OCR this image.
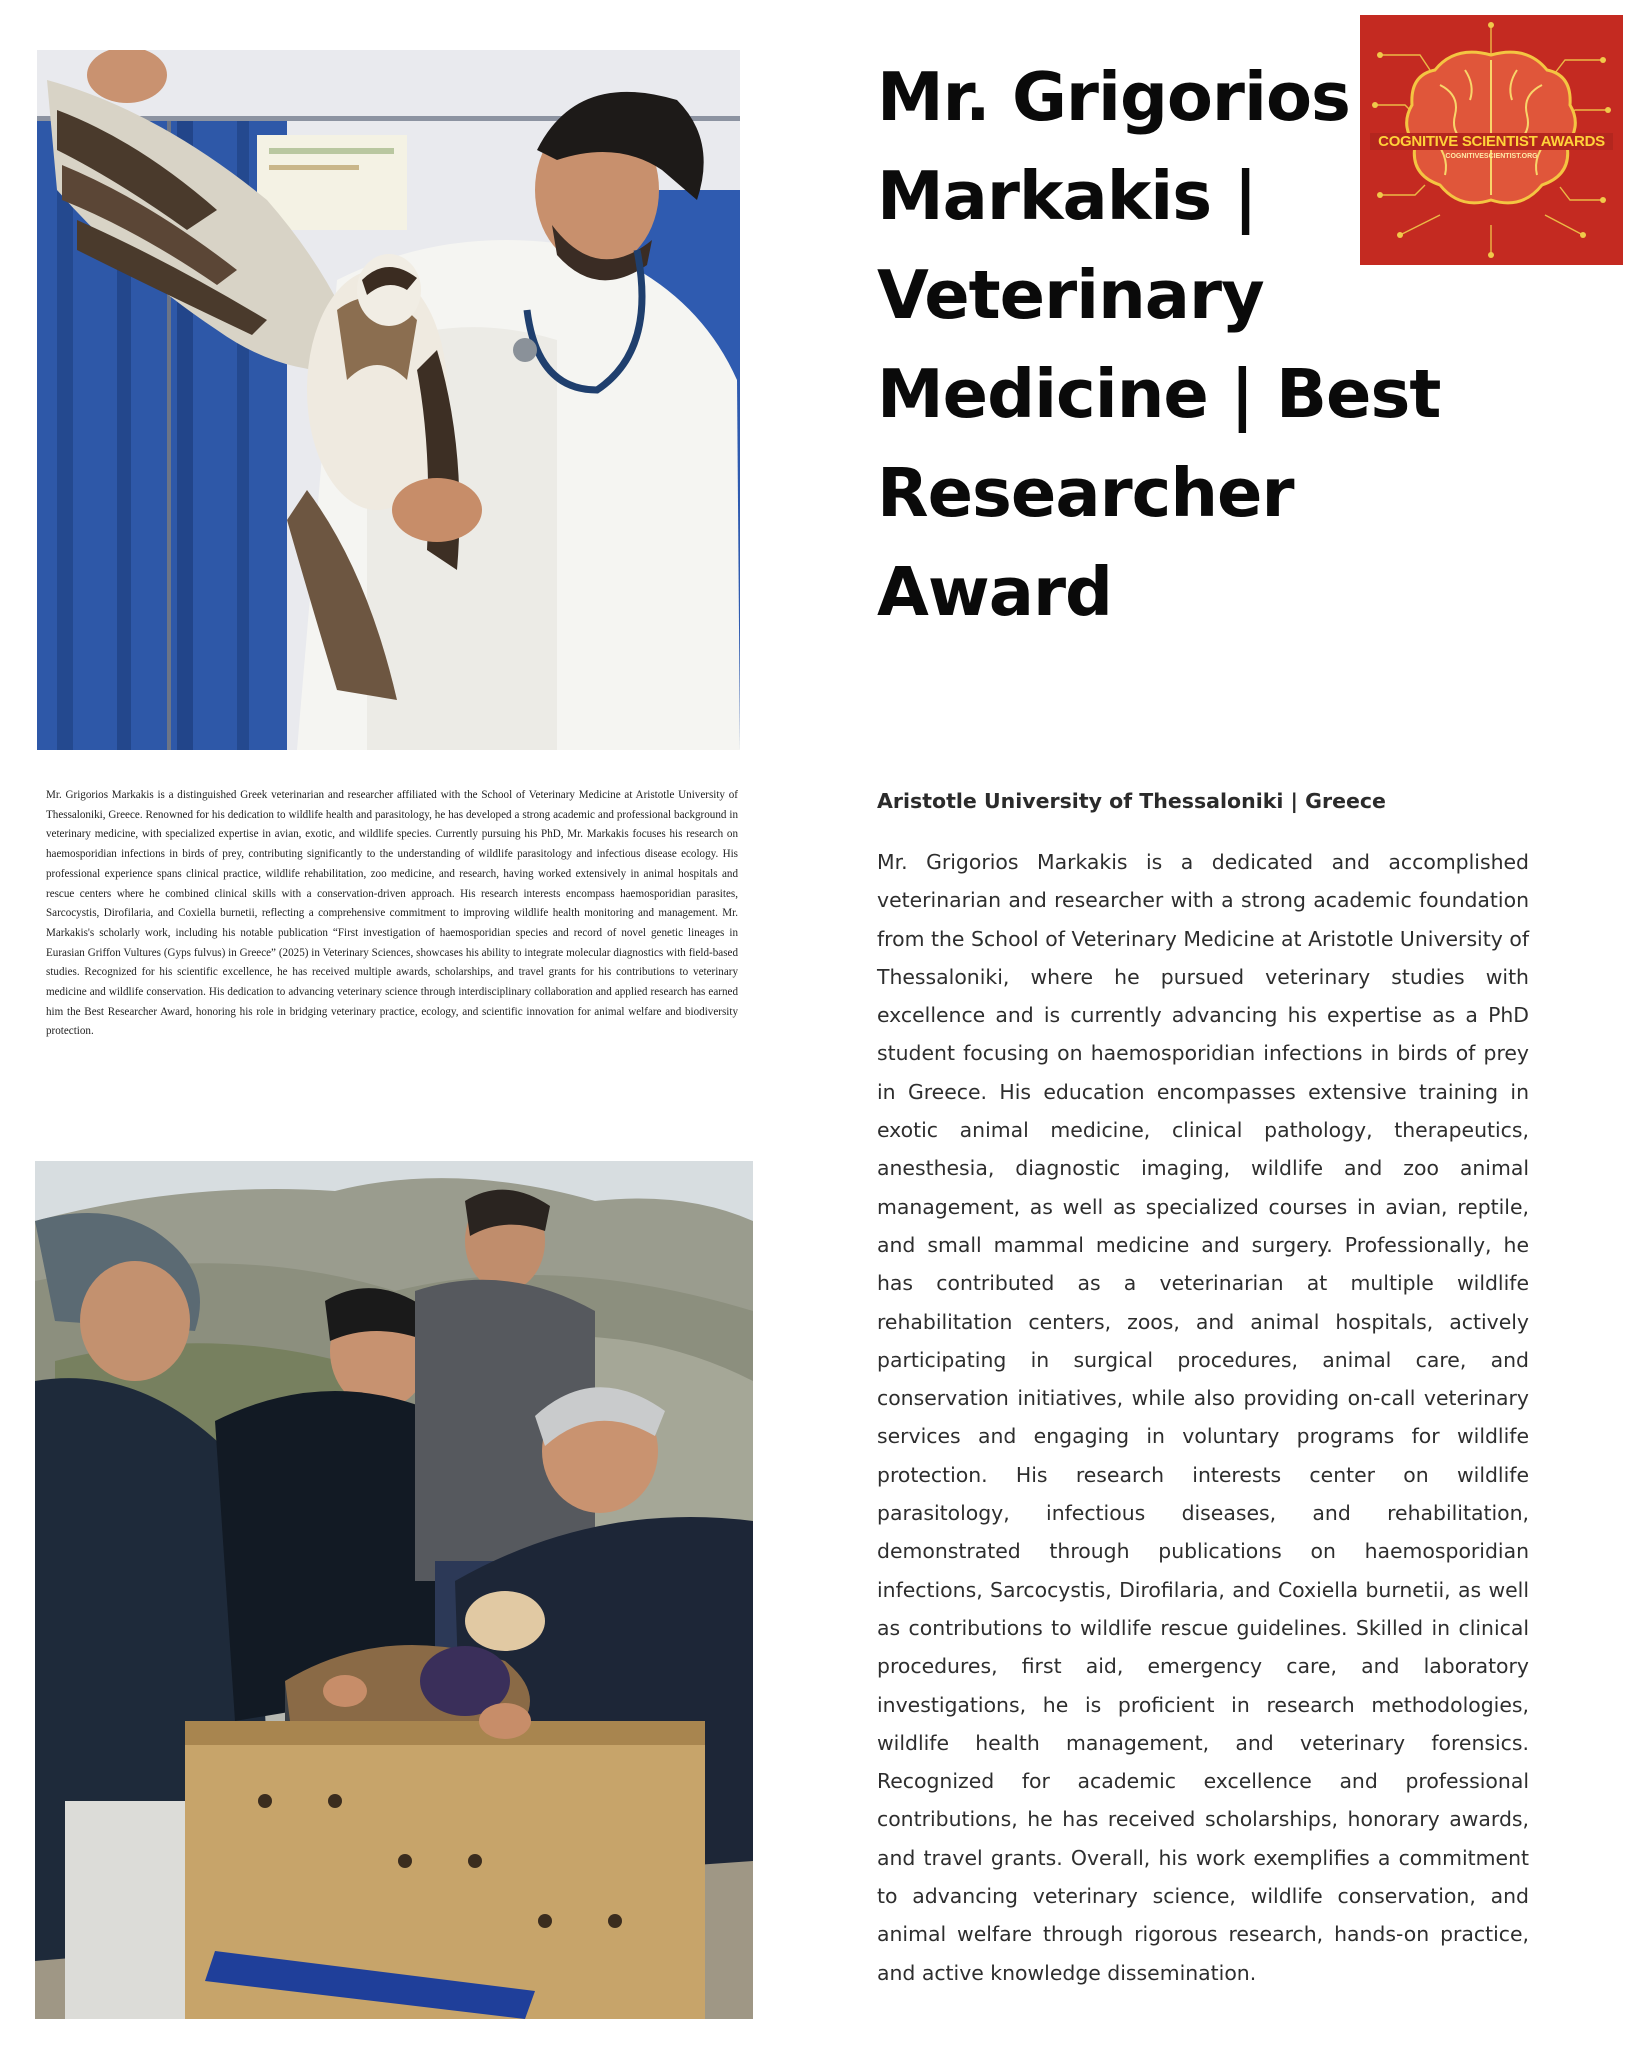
Mr. Grigorios Markakis is a distinguished Greek veterinarian and researcher affiliated with the School of Veterinary Medicine at Aristotle University of Thessaloniki, Greece. Renowned for his dedication to wildlife health and parasitology, he has developed a strong academic and professional background in veterinary medicine, with specialized expertise in avian, exotic, and wildlife species. Currently pursuing his PhD, Mr. Markakis focuses his research on haemosporidian infections in birds of prey, contributing significantly to the understanding of wildlife parasitology and infectious disease ecology. His professional experience spans clinical practice, wildlife rehabilitation, zoo medicine, and research, having worked extensively in animal hospitals and rescue centers where he combined clinical skills with a conservation-driven approach. His research interests encompass haemosporidian parasites, Sarcocystis, Dirofilaria, and Coxiella burnetii, reflecting a comprehensive commitment to improving wildlife health monitoring and management. Mr. Markakis's scholarly work, including his notable publication “First investigation of haemosporidian species and record of novel genetic lineages in Eurasian Griffon Vultures (Gyps fulvus) in Greece” (2025) in Veterinary Sciences, showcases his ability to integrate molecular diagnostics with field-based studies. Recognized for his scientific excellence, he has received multiple awards, scholarships, and travel grants for his contributions to veterinary medicine and wildlife conservation. His dedication to advancing veterinary science through interdisciplinary collaboration and applied research has earned him the Best Researcher Award, honoring his role in bridging veterinary practice, ecology, and scientific innovation for animal welfare and biodiversity protection.

Mr. Grigorios Markakis | Veterinary Medicine | Best Researcher Award
COGNITIVE SCIENTIST AWARDS
COGNITIVESCIENTIST.ORG

Aristotle University of Thessaloniki | Greece

Mr. Grigorios Markakis is a dedicated and accomplished veterinarian and researcher with a strong academic foundation from the School of Veterinary Medicine at Aristotle University of Thessaloniki, where he pursued veterinary studies with excellence and is currently advancing his expertise as a PhD student focusing on haemosporidian infections in birds of prey in Greece. His education encompasses extensive training in exotic animal medicine, clinical pathology, therapeutics, anesthesia, diagnostic imaging, wildlife and zoo animal management, as well as specialized courses in avian, reptile, and small mammal medicine and surgery. Professionally, he has contributed as a veterinarian at multiple wildlife rehabilitation centers, zoos, and animal hospitals, actively participating in surgical procedures, animal care, and conservation initiatives, while also providing on-call veterinary services and engaging in voluntary programs for wildlife protection. His research interests center on wildlife parasitology, infectious diseases, and rehabilitation, demonstrated through publications on haemosporidian infections, Sarcocystis, Dirofilaria, and Coxiella burnetii, as well as contributions to wildlife rescue guidelines. Skilled in clinical procedures, first aid, emergency care, and laboratory investigations, he is proficient in research methodologies, wildlife health management, and veterinary forensics. Recognized for academic excellence and professional contributions, he has received scholarships, honorary awards, and travel grants. Overall, his work exemplifies a commitment to advancing veterinary science, wildlife conservation, and animal welfare through rigorous research, hands-on practice, and active knowledge dissemination.
